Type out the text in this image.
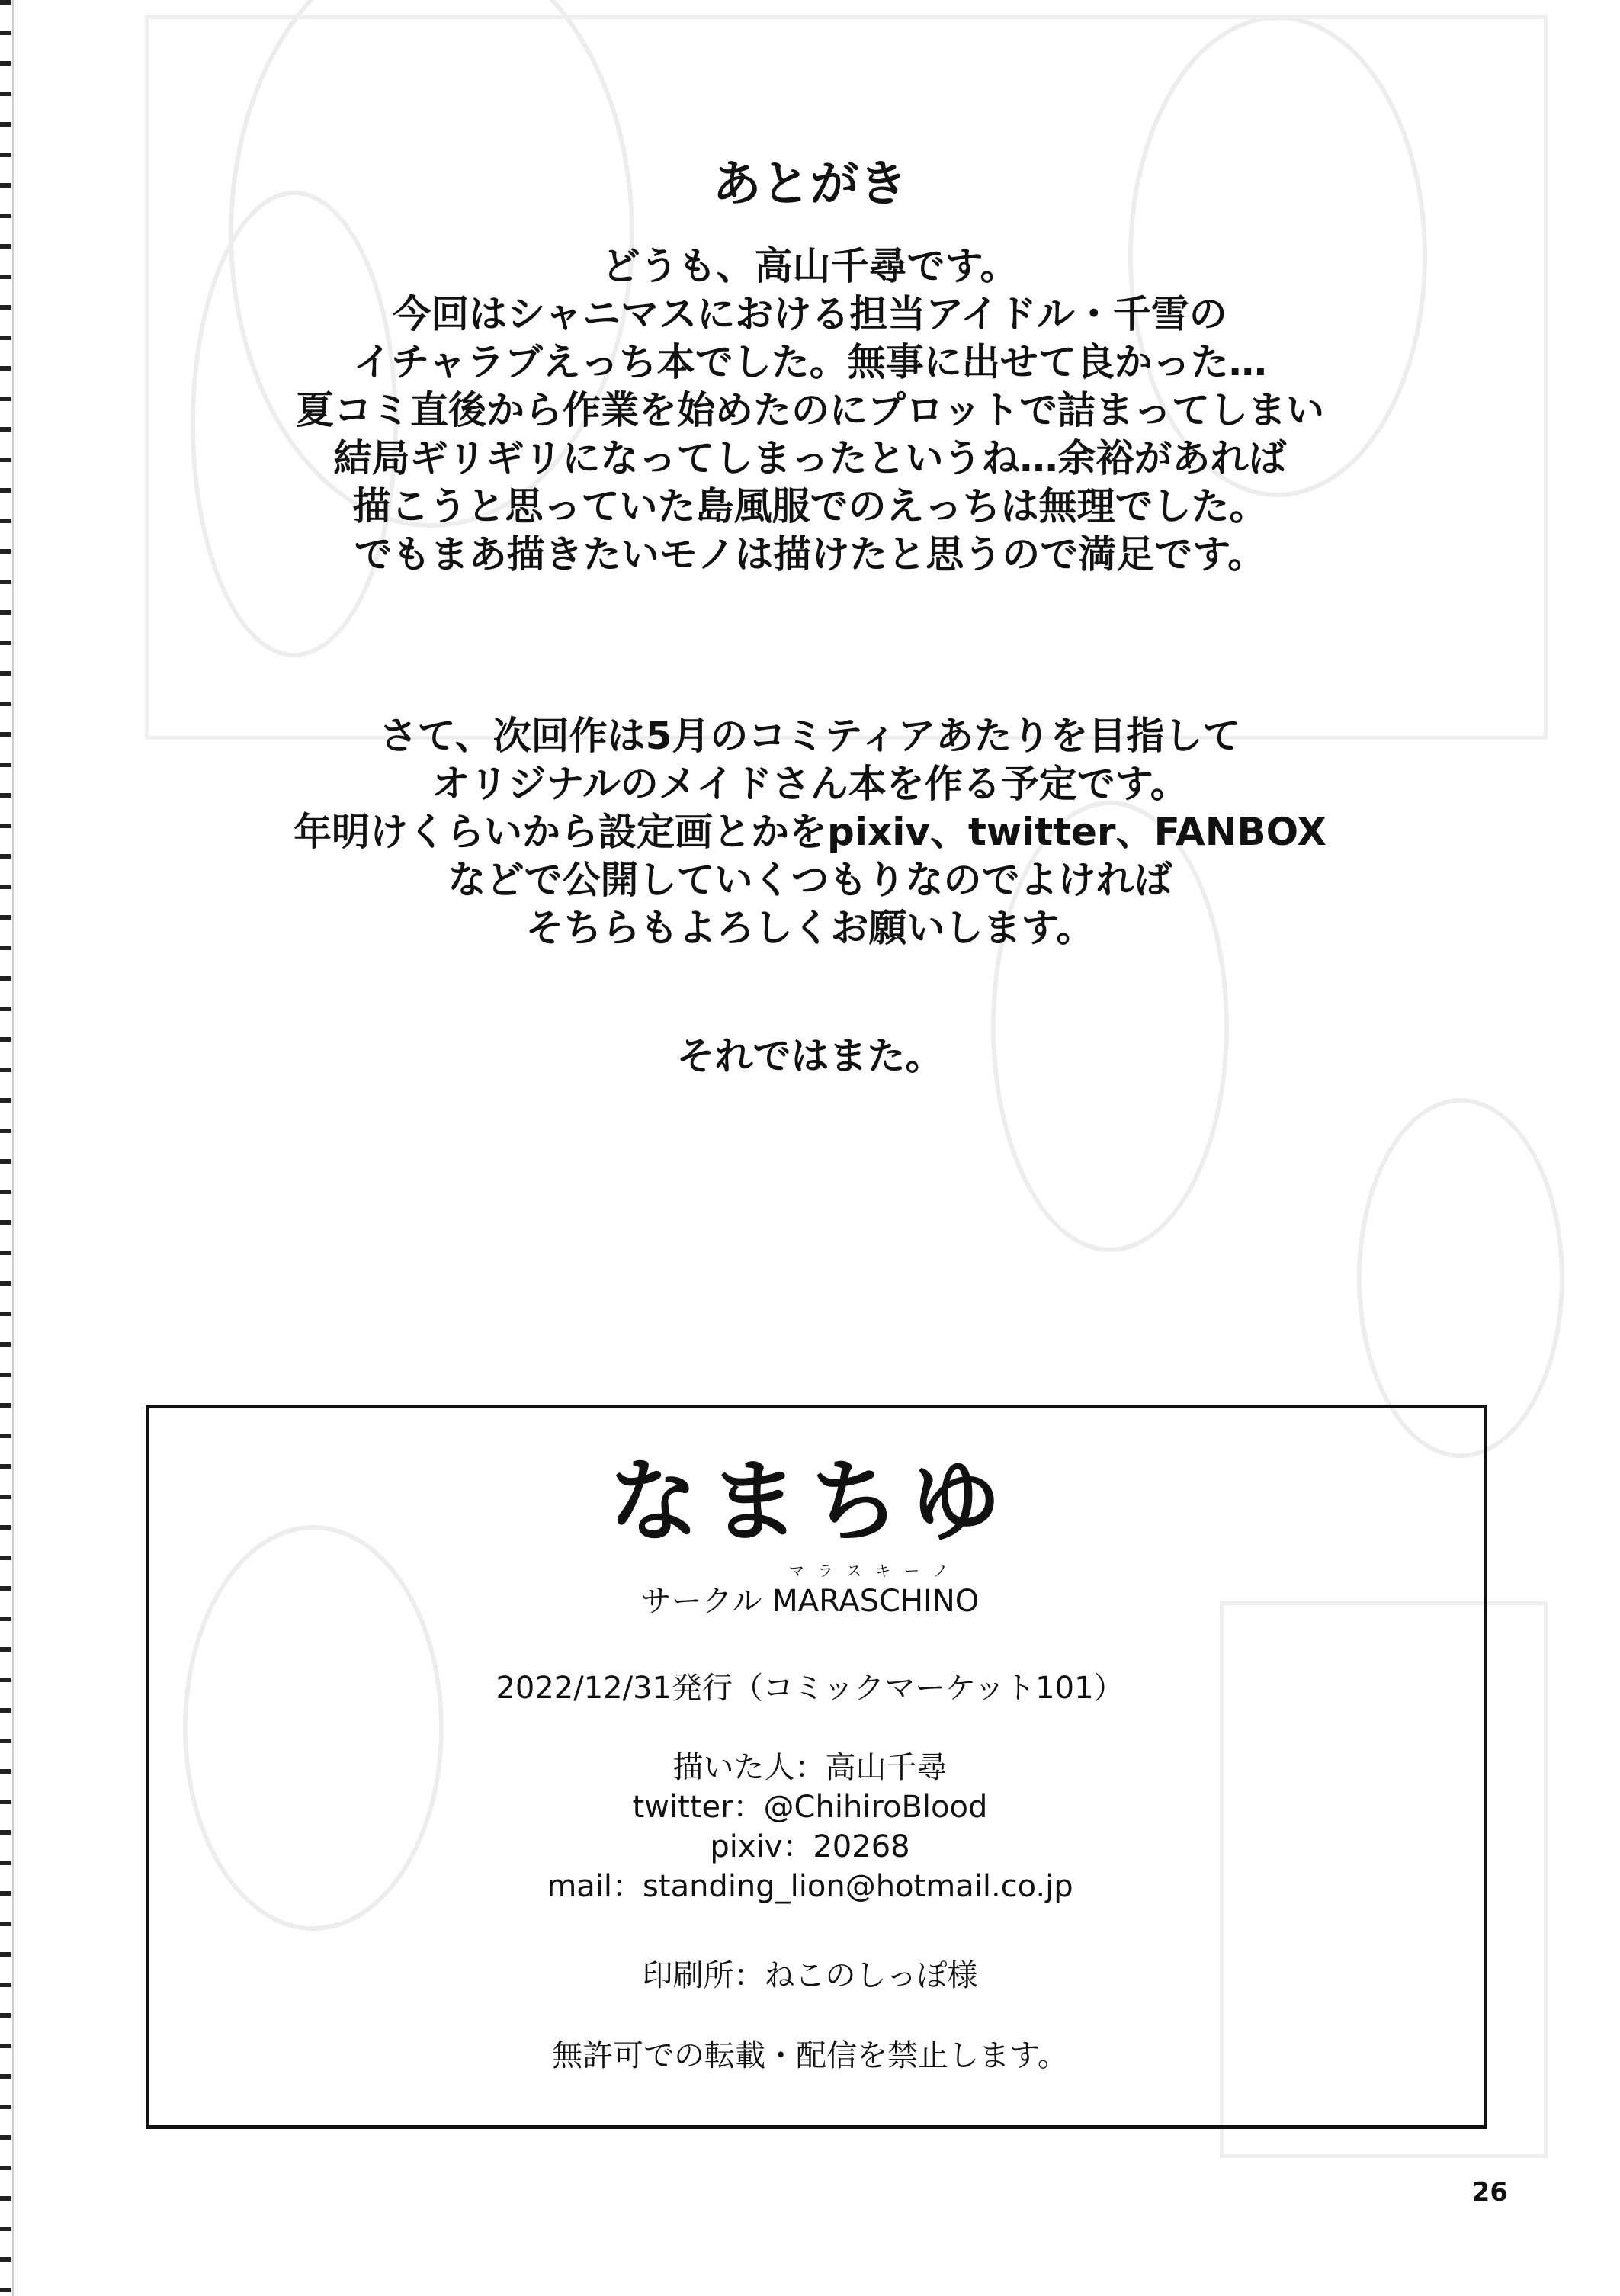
あとがき
どうも、高山千尋です。
今回はシャニマスにおける担当アイドル・千雪の
イチャラブえっち本でした。無事に出せて良かった…
夏コミ直後から作業を始めたのにプロットで詰まってしまい
結局ギリギリになってしまったというね…余裕があれば
描こうと思っていた島風服でのえっちは無理でした。
でもまあ描きたいモノは描けたと思うので満足です。
さて、次回作は5月のコミティアあたりを目指して
オリジナルのメイドさん本を作る予定です。
年明けくらいから設定画とかをpixiv、twitter、FANBOX
などで公開していくつもりなのでよければ
そちらもよろしくお願いします。
それではまた。
なまちゆ
サークル
マラスキーノ
MARASCHINO
2022/12/31発行（コミックマーケット101）
描いた人：高山千尋
twitter：@ChihiroBlood
pixiv：20268
mail：standing_lion@hotmail.co.jp
印刷所：ねこのしっぽ様
無許可での転載・配信を禁止します。
26
